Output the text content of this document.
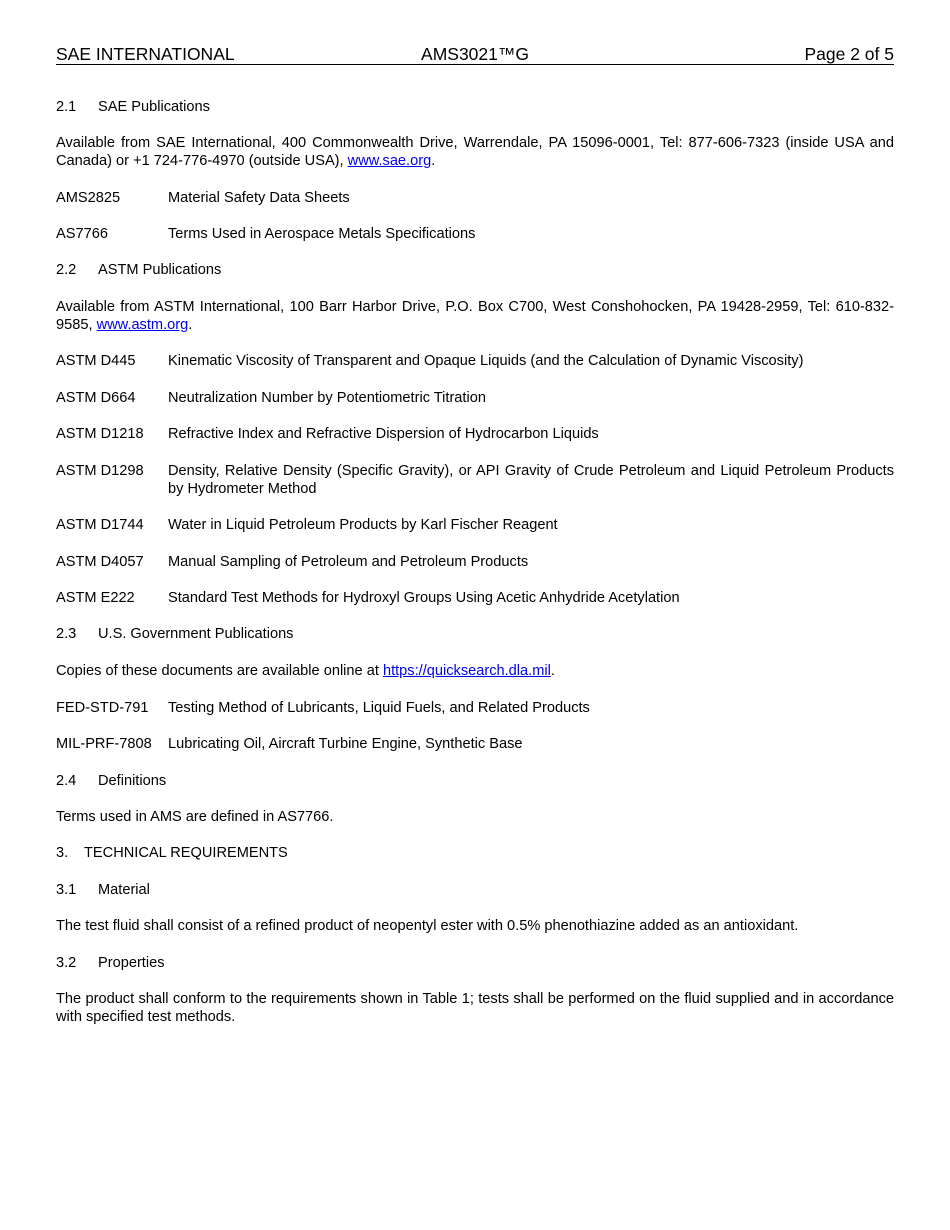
AMS3021™G
SAE INTERNATIONAL	Page 2 of 5
2.1 SAE Publications
Available from SAE International, 400 Commonwealth Drive, Warrendale, PA 15096-0001, Tel: 877-606-7323 (inside USA and Canada) or +1 724-776-4970 (outside USA), www.sae.org.
AMS2825	Material Safety Data Sheets
AS7766	Terms Used in Aerospace Metals Specifications
2.2 ASTM Publications
Available from ASTM International, 100 Barr Harbor Drive, P.O. Box C700, West Conshohocken, PA 19428-2959, Tel: 610-832-9585, www.astm.org.
ASTM D445	Kinematic Viscosity of Transparent and Opaque Liquids (and the Calculation of Dynamic Viscosity)
ASTM D664	Neutralization Number by Potentiometric Titration
ASTM D1218	Refractive Index and Refractive Dispersion of Hydrocarbon Liquids
ASTM D1298	Density, Relative Density (Specific Gravity), or API Gravity of Crude Petroleum and Liquid Petroleum Products by Hydrometer Method
ASTM D1744	Water in Liquid Petroleum Products by Karl Fischer Reagent
ASTM D4057	Manual Sampling of Petroleum and Petroleum Products
ASTM E222	Standard Test Methods for Hydroxyl Groups Using Acetic Anhydride Acetylation
2.3 U.S. Government Publications
Copies of these documents are available online at https://quicksearch.dla.mil.
FED-STD-791	Testing Method of Lubricants, Liquid Fuels, and Related Products
MIL-PRF-7808	Lubricating Oil, Aircraft Turbine Engine, Synthetic Base
2.4 Definitions
Terms used in AMS are defined in AS7766.
3. TECHNICAL REQUIREMENTS
3.1 Material
The test fluid shall consist of a refined product of neopentyl ester with 0.5% phenothiazine added as an antioxidant.
3.2 Properties
The product shall conform to the requirements shown in Table 1; tests shall be performed on the fluid supplied and in accordance with specified test methods.
